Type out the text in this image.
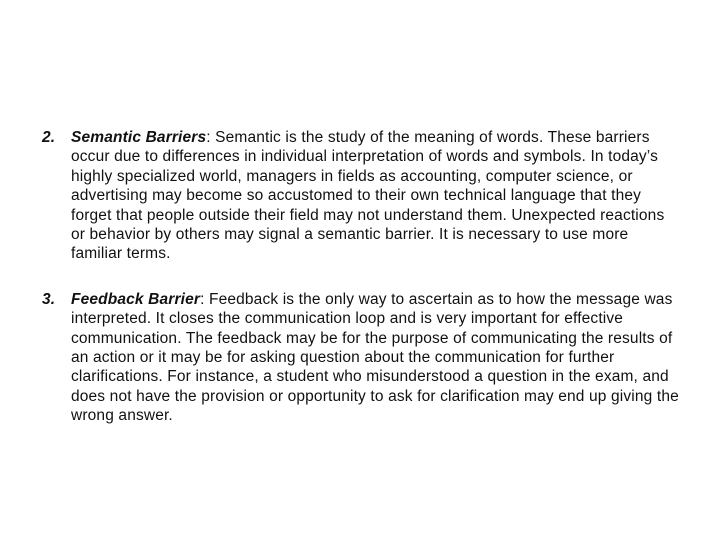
2. Semantic Barriers: Semantic is the study of the meaning of words. These barriers occur due to differences in individual interpretation of words and symbols. In today’s highly specialized world, managers in fields as accounting, computer science, or advertising may become so accustomed to their own technical language that they forget that people outside their field may not understand them. Unexpected reactions or behavior by others may signal a semantic barrier. It is necessary to use more familiar terms.
3. Feedback Barrier: Feedback is the only way to ascertain as to how the message was interpreted. It closes the communication loop and is very important for effective communication. The feedback may be for the purpose of communicating the results of an action or it may be for asking question about the communication for further clarifications. For instance, a student who misunderstood a question in the exam, and does not have the provision or opportunity to ask for clarification may end up giving the wrong answer.
